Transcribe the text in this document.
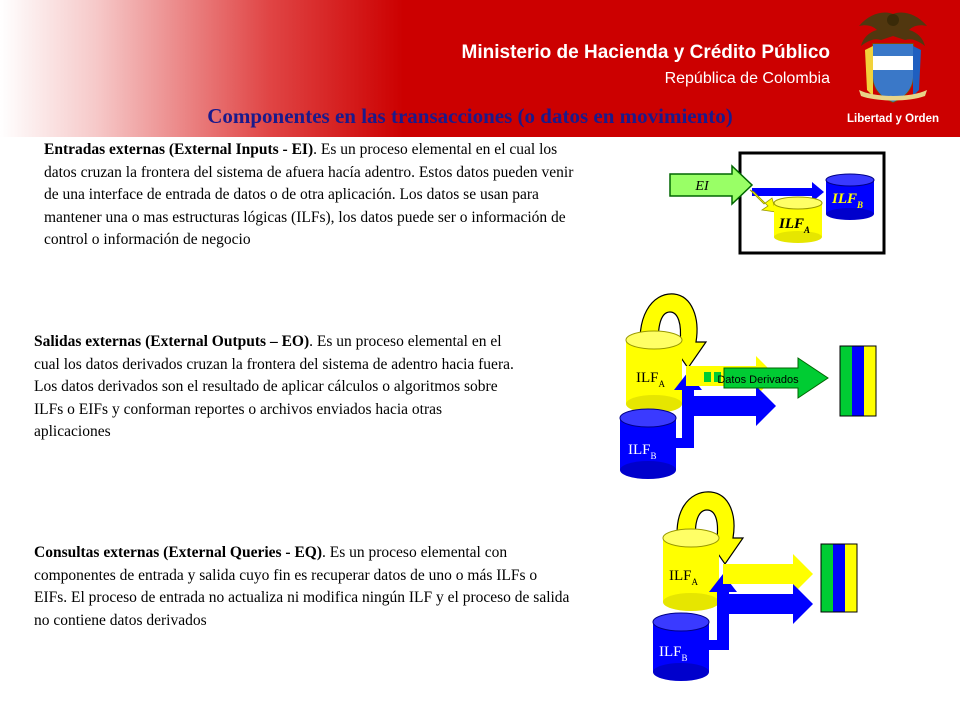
Ministerio de Hacienda y Crédito Público
República de Colombia
Libertad y Orden
Componentes en las transacciones (o datos en movimiento)
Entradas externas (External Inputs - EI). Es un proceso elemental en el cual los datos cruzan la frontera del sistema de afuera hacía adentro. Estos datos pueden venir de una interface de entrada de datos o de otra aplicación. Los datos se usan para mantener una o mas estructuras lógicas (ILFs), los datos puede ser o información de control o información de negocio
Salidas externas (External Outputs – EO). Es un proceso elemental en el cual los datos derivados cruzan la frontera del sistema de adentro hacia fuera. Los datos derivados son el resultado de aplicar cálculos o algoritmos sobre ILFs o EIFs y conforman reportes o archivos enviados hacia otras aplicaciones
Consultas externas (External Queries - EQ). Es un proceso elemental con componentes de entrada y salida cuyo fin es recuperar datos de uno o más ILFs o EIFs. El proceso de entrada no actualiza ni modifica ningún ILF y el proceso de salida no contiene datos derivados
EI
$ILF_B$
$ILF_A$
$ILF_A$
$ILF_B$
Datos Derivados
$ILF_A$
$ILF_B$
